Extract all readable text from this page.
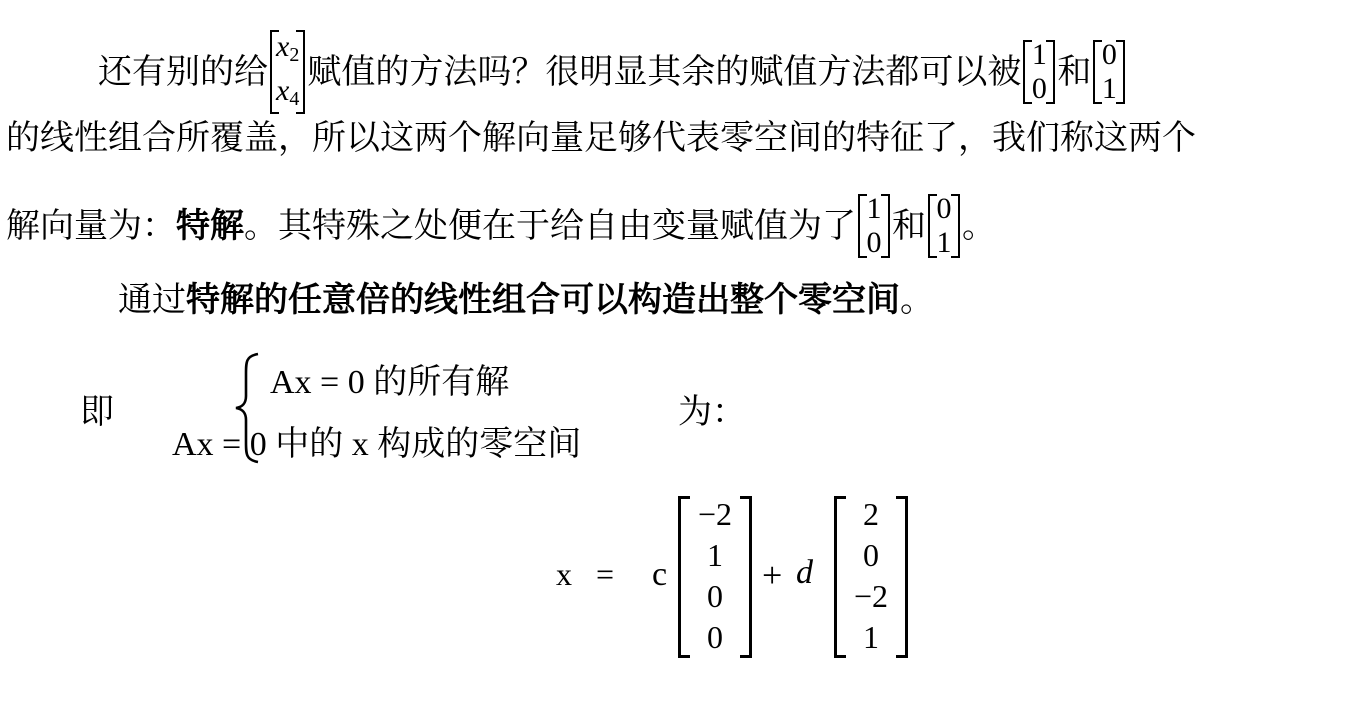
还有别的给
$x_2$
$x_4$
赋值的方法吗？很明显其余的赋值方法都可以被 1
0 和 0
1
的线性组合所覆盖，所以这两个解向量足够代表零空间的特征了，我们称这两个
解向量为：特解。其特殊之处便在于给自由变量赋值为了 1
0 和 0
1 。
通过特解的任意倍的线性组合可以构造出整个零空间。
即
Ax = 0 的所有解
Ax = 0 中的 x 构成的零空间
为：
x = c
−2
1
0
0
+ d
2
0
−2
1
